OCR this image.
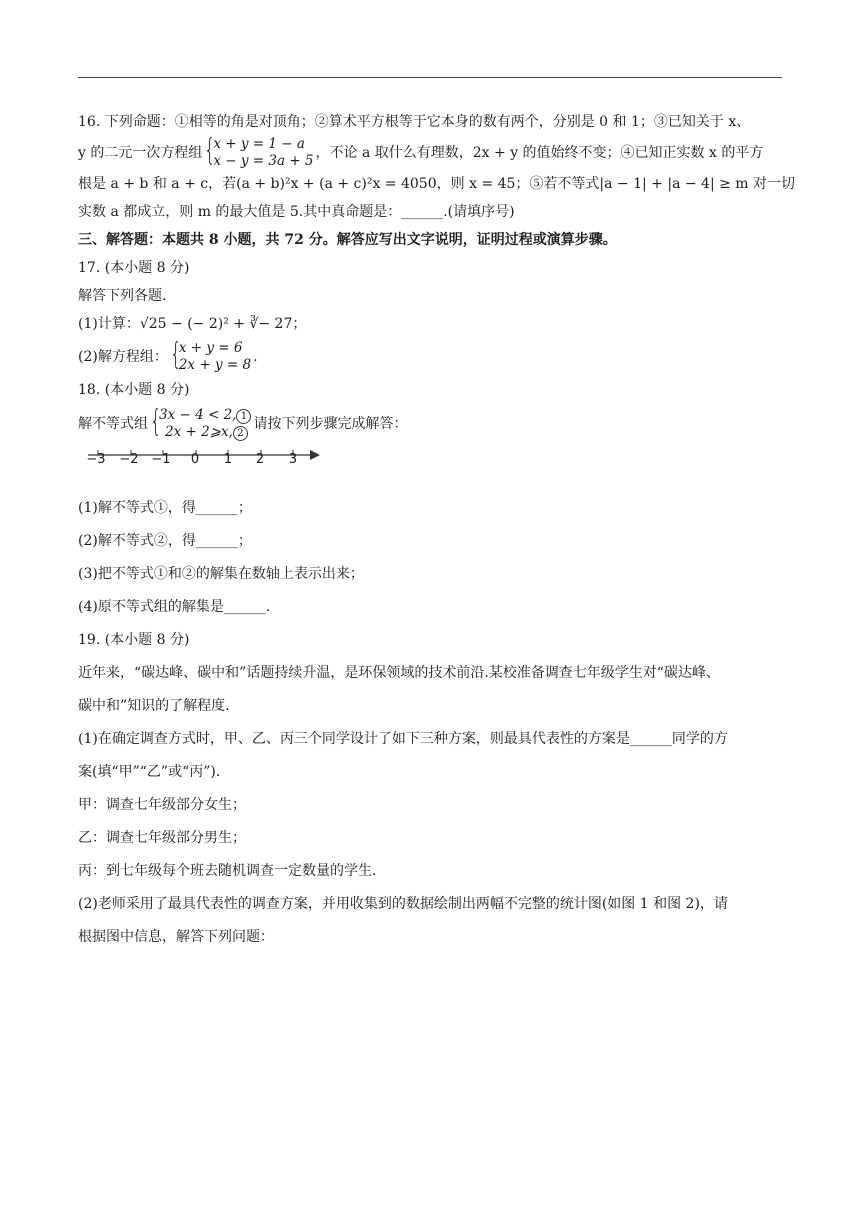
16. 下列命题：①相等的角是对顶角；②算术平方根等于它本身的数有两个，分别是 0 和 1；③已知关于 x、
y 的二元一次方程组 {
x + y = 1 − a
x − y = 3a + 5 ，不论 a 取什么有理数，2x + y 的值始终不变；④已知正实数 x 的平方
根是 a + b 和 a + c，若(a + b)²x + (a + c)²x = 4050，则 x = 45；⑤若不等式|a − 1| + |a − 4| ≥ m 对一切
实数 a 都成立，则 m 的最大值是 5.其中真命题是：______.(请填序号)
三、解答题：本题共 8 小题，共 72 分。解答应写出文字说明，证明过程或演算步骤。
17. (本小题 8 分)
解答下列各题.
(1)计算：√25 − (− 2)² + ∛− 27；
(2)解方程组： {
x + y = 6
2x + y = 8 .
18. (本小题 8 分)
解不等式组 {
3x − 4 < 2, 1
2x + 2⩾x, 2
请按下列步骤完成解答：
−3	−2 −1	0	1	2	3
(1)解不等式①，得______；
(2)解不等式②，得______；
(3)把不等式①和②的解集在数轴上表示出来；
(4)原不等式组的解集是______.
19. (本小题 8 分)
近年来，“碳达峰、碳中和”话题持续升温，是环保领域的技术前沿.某校准备调查七年级学生对“碳达峰、
碳中和”知识的了解程度.
(1)在确定调查方式时，甲、乙、丙三个同学设计了如下三种方案，则最具代表性的方案是______同学的方
案(填“甲”“乙”或“丙”).
甲：调查七年级部分女生；
乙：调查七年级部分男生；
丙：到七年级每个班去随机调查一定数量的学生.
(2)老师采用了最具代表性的调查方案，并用收集到的数据绘制出两幅不完整的统计图(如图 1 和图 2)，请
根据图中信息，解答下列问题：
